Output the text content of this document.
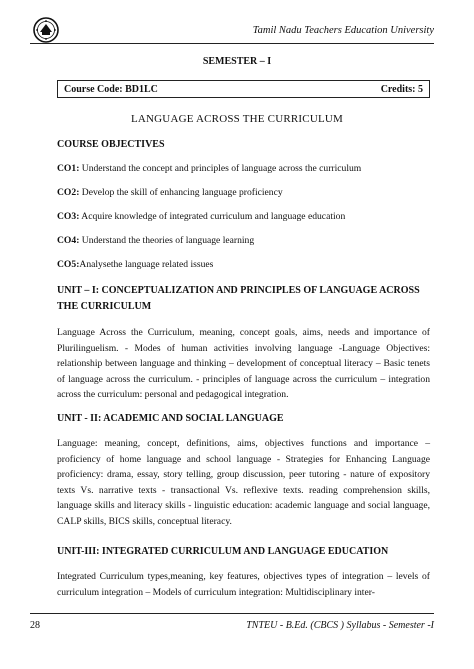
Tamil Nadu Teachers Education University
SEMESTER – I
Course Code: BD1LC	Credits: 5
LANGUAGE ACROSS THE CURRICULUM
COURSE OBJECTIVES
CO1: Understand the concept and principles of language across the curriculum
CO2: Develop the skill of enhancing language proficiency
CO3: Acquire knowledge of integrated curriculum and language education
CO4: Understand the theories of language learning
CO5:Analysethe language related issues
UNIT – I: CONCEPTUALIZATION AND PRINCIPLES OF LANGUAGE ACROSS THE CURRICULUM
Language Across the Curriculum, meaning, concept goals, aims, needs and importance of Plurilinguelism. - Modes of human activities involving language -Language Objectives: relationship between language and thinking – development of conceptual literacy – Basic tenets of language across the curriculum. - principles of language across the curriculum – integration across the curriculum: personal and pedagogical integration.
UNIT - II: ACADEMIC AND SOCIAL LANGUAGE
Language: meaning, concept, definitions, aims, objectives functions and importance – proficiency of home language and school language - Strategies for Enhancing Language proficiency: drama, essay, story telling, group discussion, peer tutoring - nature of expository texts Vs. narrative texts - transactional Vs. reflexive texts. reading comprehension skills, language skills and literacy skills - linguistic education: academic language and social language, CALP skills, BICS skills, conceptual literacy.
UNIT-III: INTEGRATED CURRICULUM AND LANGUAGE EDUCATION
Integrated Curriculum types,meaning, key features, objectives types of integration – levels of curriculum integration – Models of curriculum integration: Multidisciplinary inter-
28	TNTEU - B.Ed. (CBCS ) Syllabus - Semester -I
